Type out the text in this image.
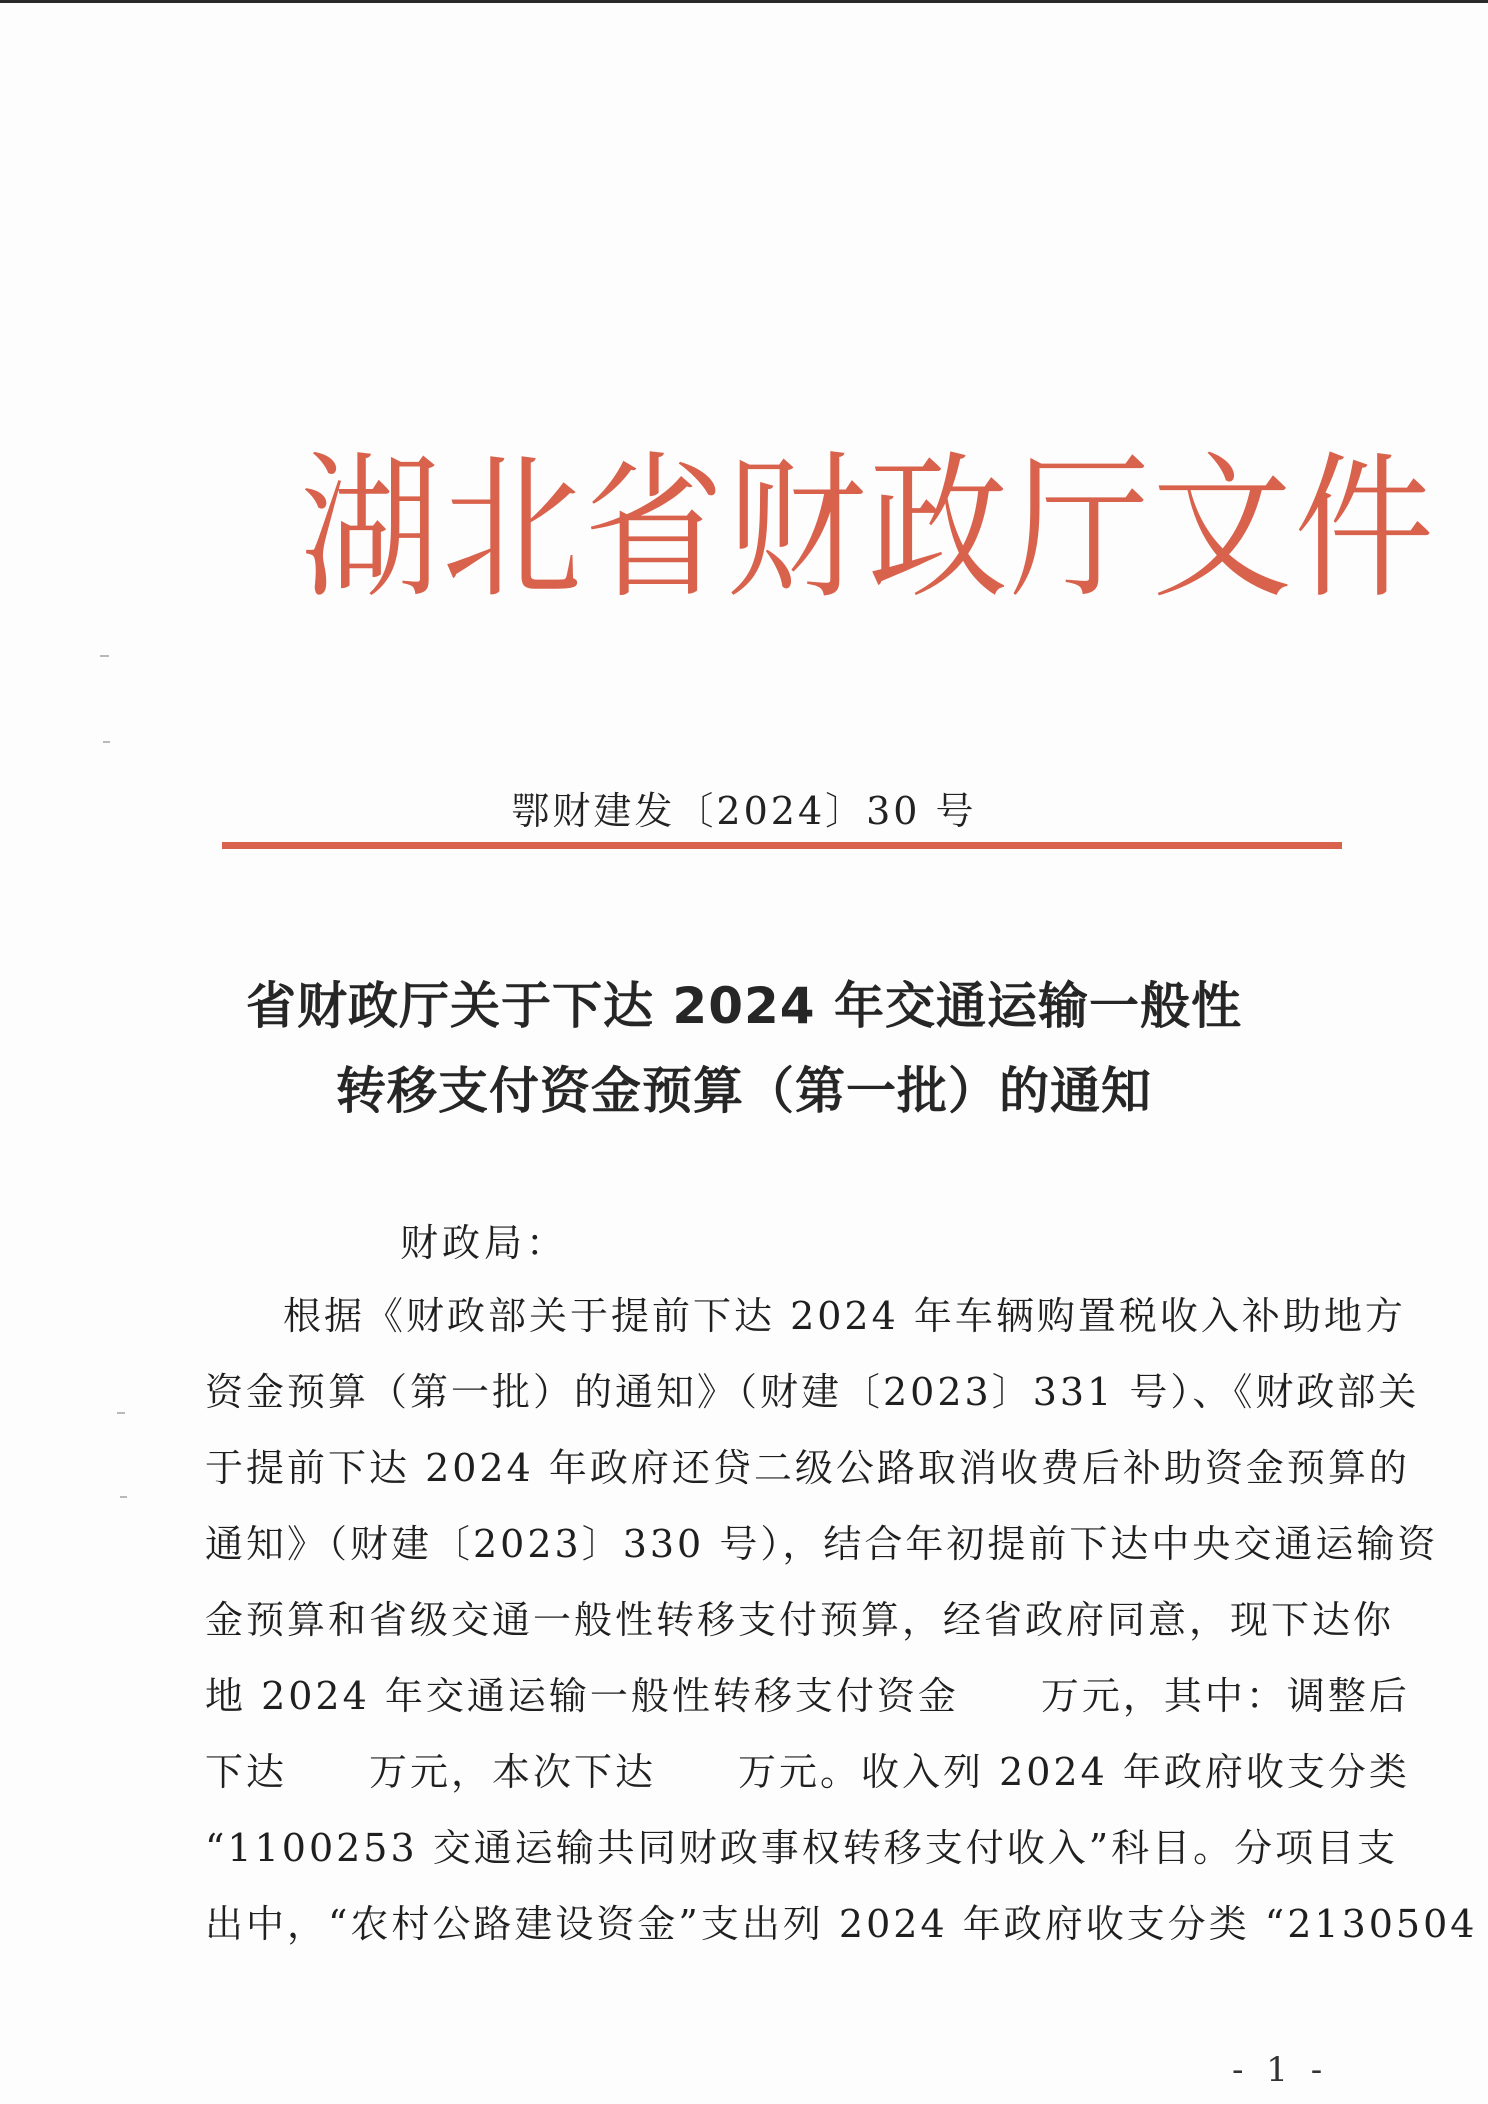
湖北省财政厅文件
鄂财建发〔2024〕30 号
省财政厅关于下达 2024 年交通运输一般性
转移支付资金预算（第一批）的通知
财政局：
根据《财政部关于提前下达 2024 年车辆购置税收入补助地方
资金预算（第一批）的通知》（财建〔2023〕331 号）、《财政部关
于提前下达 2024 年政府还贷二级公路取消收费后补助资金预算的
通知》（财建〔2023〕330 号），结合年初提前下达中央交通运输资
金预算和省级交通一般性转移支付预算，经省政府同意，现下达你
地 2024 年交通运输一般性转移支付资金　　万元，其中：调整后
下达　　万元，本次下达　　万元。收入列 2024 年政府收支分类
“1100253 交通运输共同财政事权转移支付收入”科目。分项目支
出中，“农村公路建设资金”支出列 2024 年政府收支分类 “2130504
- 1 -
